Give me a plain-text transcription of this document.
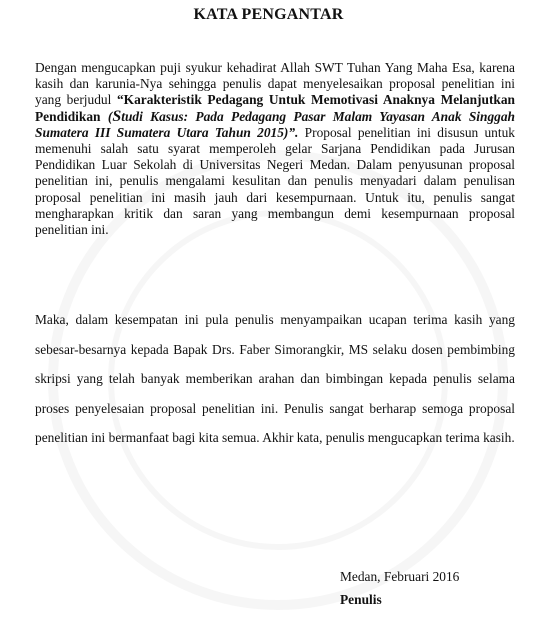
KATA PENGANTAR
Dengan mengucapkan puji syukur kehadirat Allah SWT Tuhan Yang Maha Esa, karena kasih dan karunia-Nya sehingga penulis dapat menyelesaikan proposal penelitian ini yang berjudul “Karakteristik Pedagang Untuk Memotivasi Anaknya Melanjutkan Pendidikan (Studi Kasus: Pada Pedagang Pasar Malam Yayasan Anak Singgah Sumatera III Sumatera Utara Tahun 2015)”. Proposal penelitian ini disusun untuk memenuhi salah satu syarat memperoleh gelar Sarjana Pendidikan pada Jurusan Pendidikan Luar Sekolah di Universitas Negeri Medan. Dalam penyusunan proposal penelitian ini, penulis mengalami kesulitan dan penulis menyadari dalam penulisan proposal penelitian ini masih jauh dari kesempurnaan. Untuk itu, penulis sangat mengharapkan kritik dan saran yang membangun demi kesempurnaan proposal penelitian ini.
Maka, dalam kesempatan ini pula penulis menyampaikan ucapan terima kasih yang sebesar-besarnya kepada Bapak Drs. Faber Simorangkir, MS selaku dosen pembimbing skripsi yang telah banyak memberikan arahan dan bimbingan kepada penulis selama proses penyelesaian proposal penelitian ini. Penulis sangat berharap semoga proposal penelitian ini bermanfaat bagi kita semua. Akhir kata, penulis mengucapkan terima kasih.
Medan, Februari 2016
Penulis
